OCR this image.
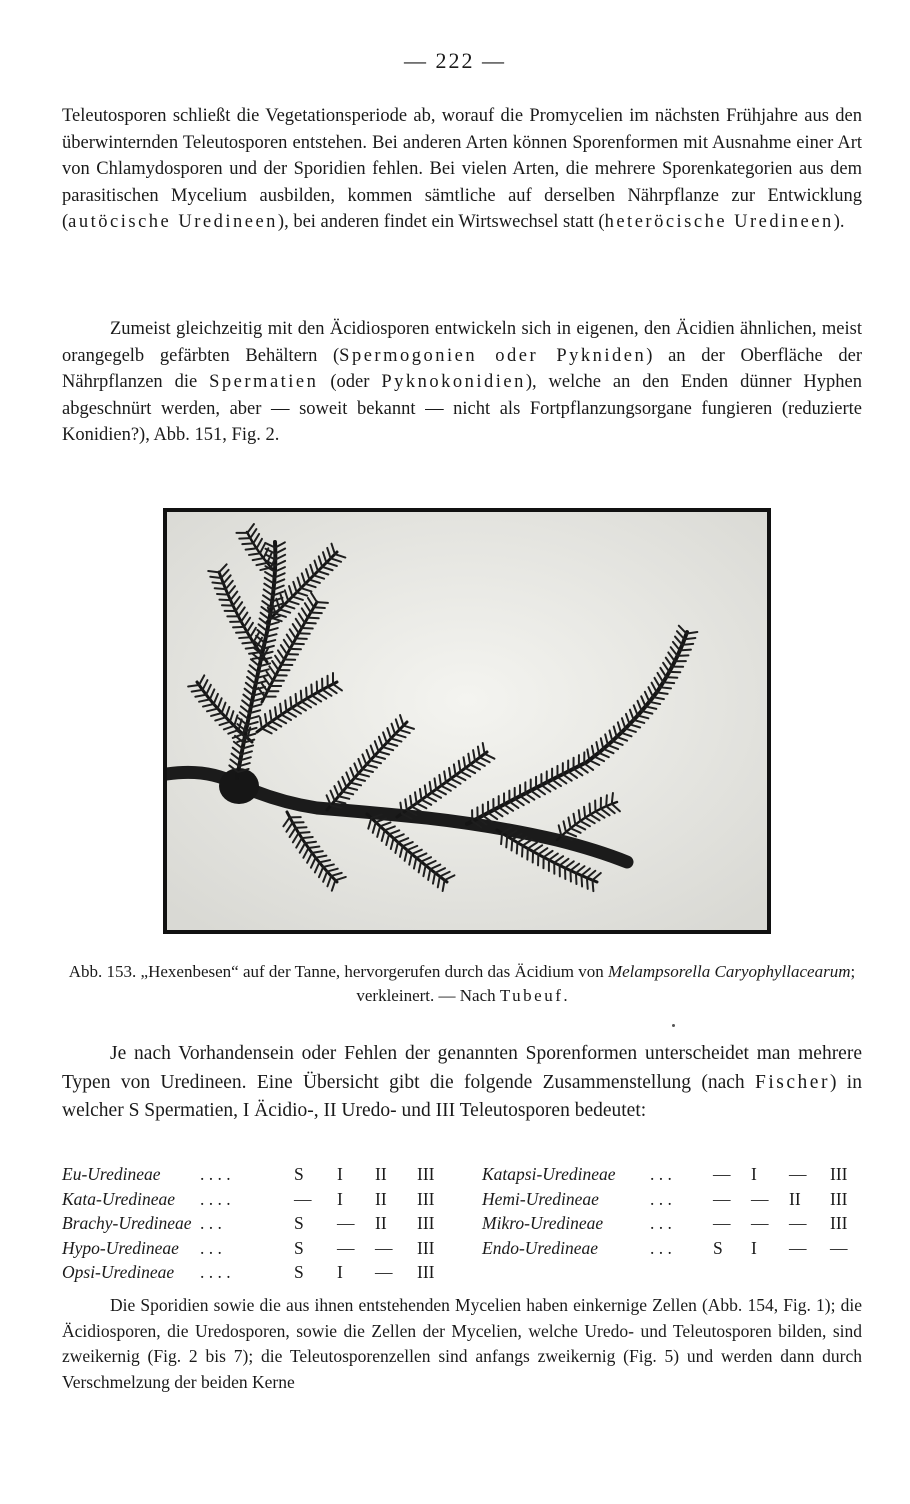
— 222 —

Teleutosporen schließt die Vegetationsperiode ab, worauf die Promycelien im nächsten Frühjahre aus den überwinternden Teleutosporen entstehen. Bei anderen Arten können Sporenformen mit Ausnahme einer Art von Chlamydosporen und der Sporidien fehlen. Bei vielen Arten, die mehrere Sporenkategorien aus dem parasitischen Mycelium ausbilden, kommen sämtliche auf derselben Nährpflanze zur Entwicklung (autöcische Uredineen), bei anderen findet ein Wirtswechsel statt (heteröcische Uredineen).

Zumeist gleichzeitig mit den Äcidiosporen entwickeln sich in eigenen, den Äcidien ähnlichen, meist orangegelb gefärbten Behältern (Spermogonien oder Pykniden) an der Oberfläche der Nährpflanzen die Spermatien (oder Pyknokonidien), welche an den Enden dünner Hyphen abgeschnürt werden, aber — soweit bekannt — nicht als Fortpflanzungsorgane fungieren (reduzierte Konidien?), Abb. 151, Fig. 2.

Abb. 153. „Hexenbesen“ auf der Tanne, hervorgerufen durch das Äcidium von Melampsorella Caryophyllacearum; verkleinert. — Nach Tubeuf.

Je nach Vorhandensein oder Fehlen der genannten Sporenformen unterscheidet man mehrere Typen von Uredineen. Eine Übersicht gibt die folgende Zusammenstellung (nach Fischer) in welcher S Spermatien, I Äcidio-, II Uredo- und III Teleutosporen bedeutet:

Eu-Uredineae . . . .	S I II III	Katapsi-Uredineae . . . — I — III
Kata-Uredineae . . . .	— I II III	Hemi-Uredineae	. . . — — II III
Brachy-Uredineae . . .	S — II III	Mikro-Uredineae	. . . — — — III
Hypo-Uredineae . . .	S — — III	Endo-Uredineae	. . . S I — —
Opsi-Uredineae . . . .	S I — III

Die Sporidien sowie die aus ihnen entstehenden Mycelien haben einkernige Zellen (Abb. 154, Fig. 1); die Äcidiosporen, die Uredosporen, sowie die Zellen der Mycelien, welche Uredo- und Teleutosporen bilden, sind zweikernig (Fig. 2 bis 7); die Teleutosporenzellen sind anfangs zweikernig (Fig. 5) und werden dann durch Verschmelzung der beiden Kerne
